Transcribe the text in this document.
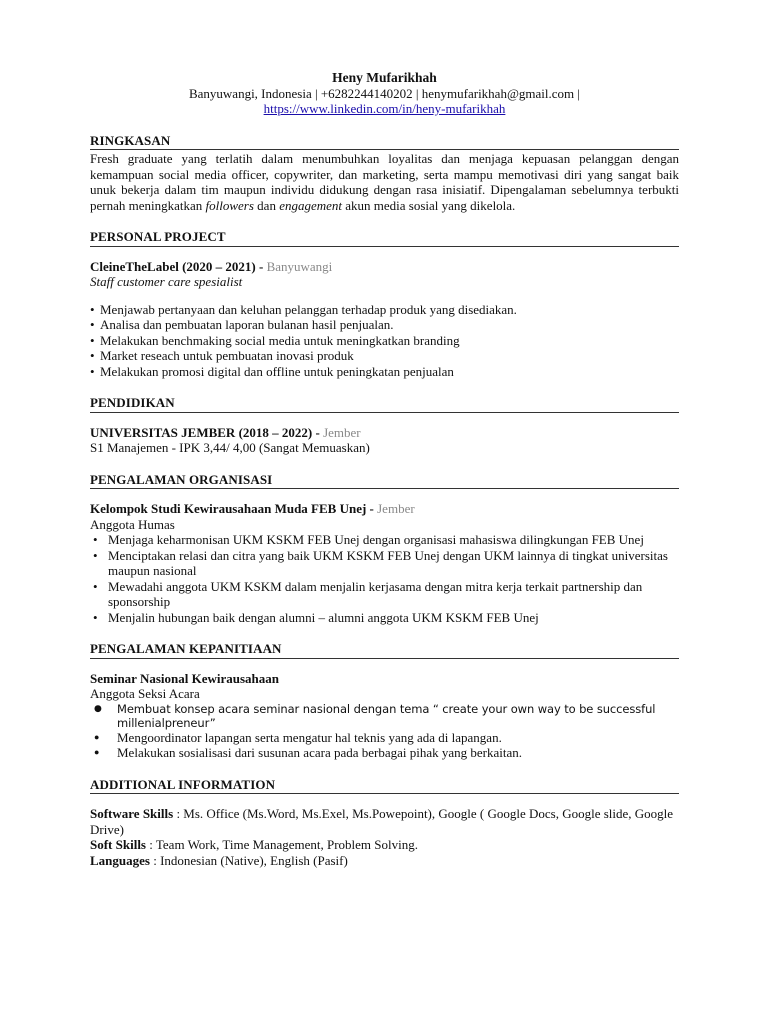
Heny Mufarikhah
Banyuwangi, Indonesia | +6282244140202 | henymufarikhah@gmail.com |
https://www.linkedin.com/in/heny-mufarikhah
RINGKASAN
Fresh graduate yang terlatih dalam menumbuhkan loyalitas dan menjaga kepuasan pelanggan dengan kemampuan social media officer, copywriter, dan marketing, serta mampu memotivasi diri yang sangat baik unuk bekerja dalam tim maupun individu didukung dengan rasa inisiatif. Dipengalaman sebelumnya terbukti pernah meningkatkan followers dan engagement akun media sosial yang dikelola.
PERSONAL PROJECT
CleineTheLabel (2020 – 2021) - Banyuwangi
Staff customer care spesialist
• Menjawab pertanyaan dan keluhan pelanggan terhadap produk yang disediakan.
• Analisa dan pembuatan laporan bulanan hasil penjualan.
• Melakukan benchmaking social media untuk meningkatkan branding
• Market reseach untuk pembuatan inovasi produk
• Melakukan promosi digital dan offline untuk peningkatan penjualan
PENDIDIKAN
UNIVERSITAS JEMBER (2018 – 2022) - Jember
S1 Manajemen - IPK 3,44/ 4,00 (Sangat Memuaskan)
PENGALAMAN ORGANISASI
Kelompok Studi Kewirausahaan Muda FEB Unej - Jember
Anggota Humas
• Menjaga keharmonisan UKM KSKM FEB Unej dengan organisasi mahasiswa dilingkungan FEB Unej
• Menciptakan relasi dan citra yang baik UKM KSKM FEB Unej dengan UKM lainnya di tingkat universitas maupun nasional
• Mewadahi anggota UKM KSKM dalam menjalin kerjasama dengan mitra kerja terkait partnership dan sponsorship
• Menjalin hubungan baik dengan alumni – alumni anggota UKM KSKM FEB Unej
PENGALAMAN KEPANITIAAN
Seminar Nasional Kewirausahaan
Anggota Seksi Acara
● Membuat konsep acara seminar nasional dengan tema “ create your own way to be successful millenialpreneur”
● Mengoordinator lapangan serta mengatur hal teknis yang ada di lapangan.
● Melakukan sosialisasi dari susunan acara pada berbagai pihak yang berkaitan.
ADDITIONAL INFORMATION
Software Skills : Ms. Office (Ms.Word, Ms.Exel, Ms.Powepoint), Google ( Google Docs, Google slide, Google Drive)
Soft Skills : Team Work, Time Management, Problem Solving.
Languages : Indonesian (Native), English (Pasif)
